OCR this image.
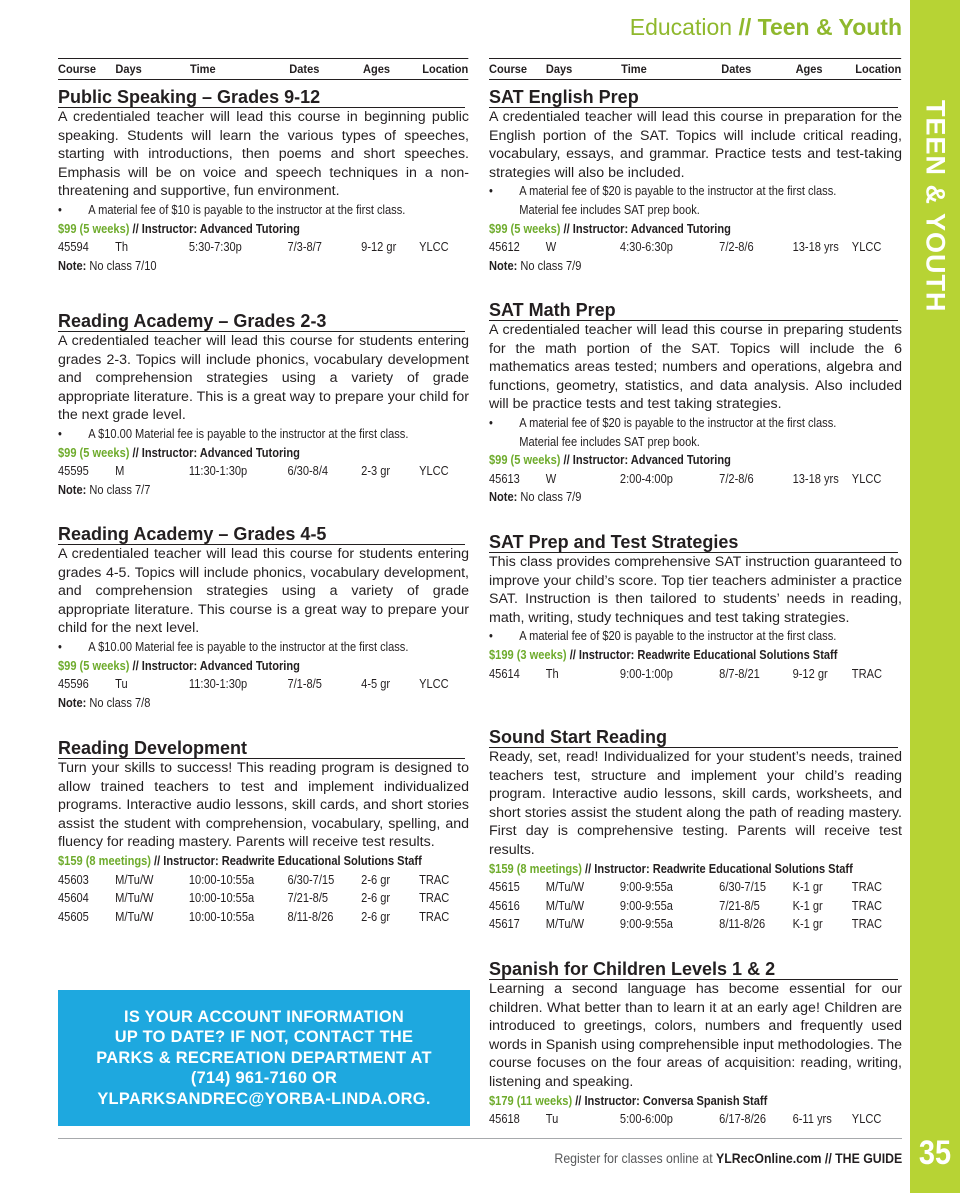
TEEN & YOUTH
Education // Teen & Youth
Course	Days	Time	Dates	Ages	Location
Public Speaking – Grades 9-12

A credentialed teacher will lead this course in beginning public speaking. Students will learn the various types of speeches, starting with introductions, then poems and short speeches. Emphasis will be on voice and speech techniques in a non-threatening and supportive, fun environment.

•	A material fee of $10 is payable to the instructor at the first class.
$99 (5 weeks) // Instructor: Advanced Tutoring
45594	Th	5:30-7:30p	7/3-8/7	9-12 gr	YLCC
Note: No class 7/10
Reading Academy – Grades 2-3

A credentialed teacher will lead this course for students entering grades 2-3. Topics will include phonics, vocabulary development and comprehension strategies using a variety of grade appropriate literature. This is a great way to prepare your child for the next grade level.

•	A $10.00 Material fee is payable to the instructor at the first class.
$99 (5 weeks) // Instructor: Advanced Tutoring
45595	M	11:30-1:30p	6/30-8/4	2-3 gr	YLCC
Note: No class 7/7
Reading Academy – Grades 4-5

A credentialed teacher will lead this course for students entering grades 4-5. Topics will include phonics, vocabulary development, and comprehension strategies using a variety of grade appropriate literature. This course is a great way to prepare your child for the next level.

•	A $10.00 Material fee is payable to the instructor at the first class.
$99 (5 weeks) // Instructor: Advanced Tutoring
45596	Tu	11:30-1:30p	7/1-8/5	4-5 gr	YLCC
Note: No class 7/8
Reading Development

Turn your skills to success! This reading program is designed to allow trained teachers to test and implement individualized programs. Interactive audio lessons, skill cards, and short stories assist the student with comprehension, vocabulary, spelling, and fluency for reading mastery. Parents will receive test results.

$159 (8 meetings) // Instructor: Readwrite Educational Solutions Staff
45603	M/Tu/W	10:00-10:55a	6/30-7/15	2-6 gr	TRAC
45604	M/Tu/W	10:00-10:55a	7/21-8/5	2-6 gr	TRAC
45605	M/Tu/W	10:00-10:55a	8/11-8/26	2-6 gr	TRAC
Course	Days	Time	Dates	Ages	Location
SAT English Prep

A credentialed teacher will lead this course in preparation for the English portion of the SAT. Topics will include critical reading, vocabulary, essays, and grammar. Practice tests and test-taking strategies will also be included.

•	A material fee of $20 is payable to the instructor at the first class.
Material fee includes SAT prep book.
$99 (5 weeks) // Instructor: Advanced Tutoring
45612	W	4:30-6:30p	7/2-8/6	13-18 yrs YLCC
Note: No class 7/9
SAT Math Prep

A credentialed teacher will lead this course in preparing students for the math portion of the SAT. Topics will include the 6 mathematics areas tested; numbers and operations, algebra and functions, geometry, statistics, and data analysis. Also included will be practice tests and test taking strategies.

•	A material fee of $20 is payable to the instructor at the first class.
Material fee includes SAT prep book.
$99 (5 weeks) // Instructor: Advanced Tutoring
45613	W	2:00-4:00p	7/2-8/6	13-18 yrs YLCC
Note: No class 7/9
SAT Prep and Test Strategies

This class provides comprehensive SAT instruction guaranteed to improve your child’s score. Top tier teachers administer a practice SAT. Instruction is then tailored to students’ needs in reading, math, writing, study techniques and test taking strategies.

•	A material fee of $20 is payable to the instructor at the first class.
$199 (3 weeks) // Instructor: Readwrite Educational Solutions Staff
45614	Th	9:00-1:00p	8/7-8/21	9-12 gr	TRAC
Sound Start Reading

Ready, set, read! Individualized for your student’s needs, trained teachers test, structure and implement your child’s reading program. Interactive audio lessons, skill cards, worksheets, and short stories assist the student along the path of reading mastery. First day is comprehensive testing. Parents will receive test results.

$159 (8 meetings) // Instructor: Readwrite Educational Solutions Staff
45615	M/Tu/W	9:00-9:55a	6/30-7/15	K-1 gr	TRAC
45616	M/Tu/W	9:00-9:55a	7/21-8/5	K-1 gr	TRAC
45617	M/Tu/W	9:00-9:55a	8/11-8/26	K-1 gr	TRAC
Spanish for Children Levels 1 & 2

Learning a second language has become essential for our children. What better than to learn it at an early age! Children are introduced to greetings, colors, numbers and frequently used words in Spanish using comprehensible input methodologies. The course focuses on the four areas of acquisition: reading, writing, listening and speaking.

$179 (11 weeks) // Instructor: Conversa Spanish Staff
45618	Tu	5:00-6:00p	6/17-8/26	6-11 yrs	YLCC
IS YOUR ACCOUNT INFORMATION
UP TO DATE? IF NOT, CONTACT THE
PARKS & RECREATION DEPARTMENT AT
(714) 961-7160 OR
YLPARKSANDREC@YORBA-LINDA.ORG.
Register for classes online at YLRecOnline.com // THE GUIDE 35
